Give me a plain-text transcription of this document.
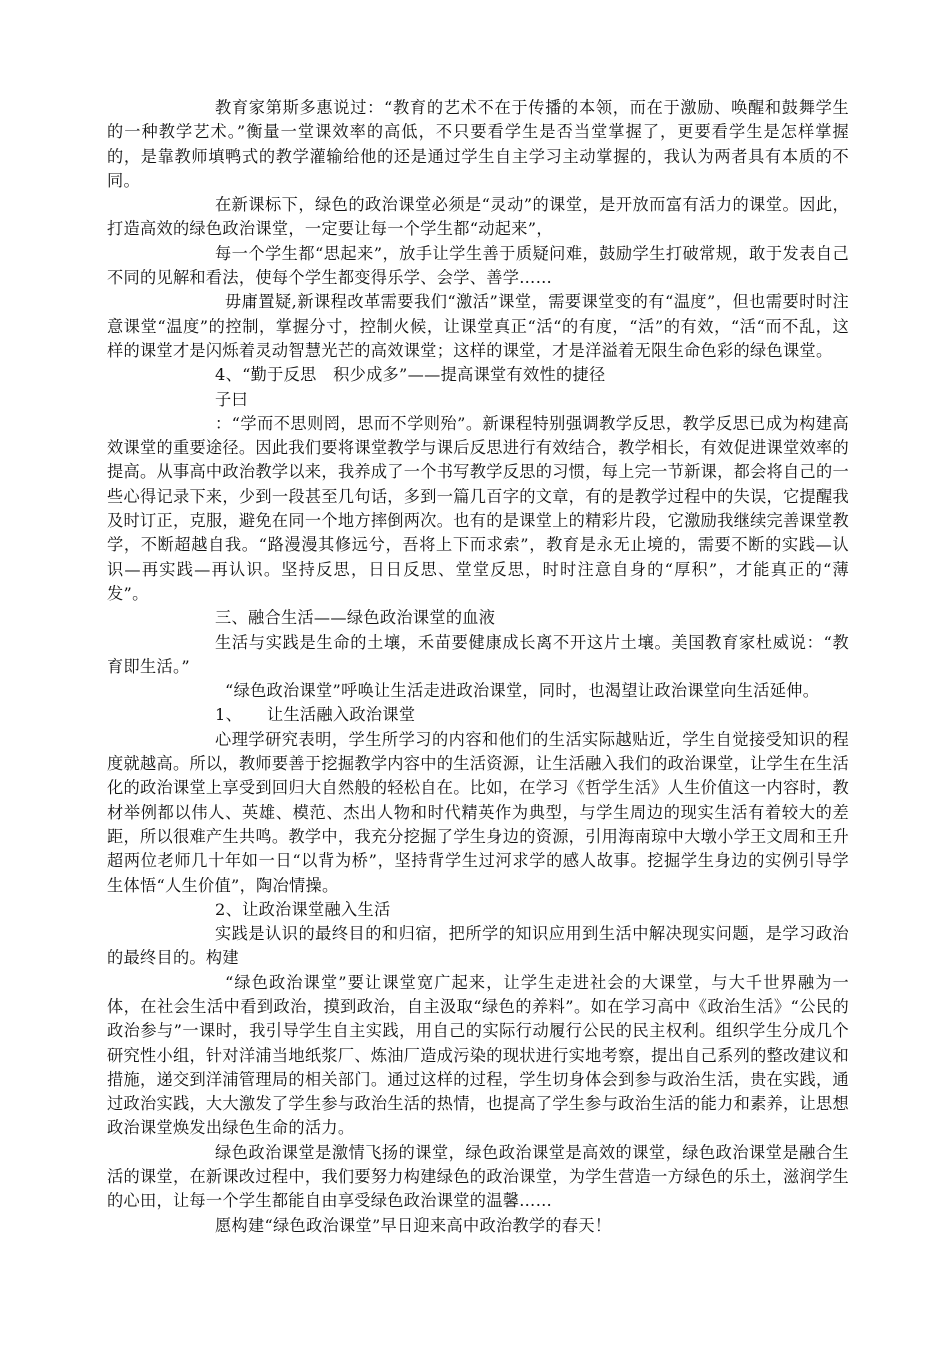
教育家第斯多惠说过：“教育的艺术不在于传播的本领，而在于激励、唤醒和鼓舞学生的一种教学艺术。”衡量一堂课效率的高低，不只要看学生是否当堂掌握了，更要看学生是怎样掌握的，是靠教师填鸭式的教学灌输给他的还是通过学生自主学习主动掌握的，我认为两者具有本质的不同。

在新课标下，绿色的政治课堂必须是“灵动”的课堂，是开放而富有活力的课堂。因此，打造高效的绿色政治课堂，一定要让每一个学生都“动起来”，

每一个学生都“思起来”，放手让学生善于质疑问难，鼓励学生打破常规，敢于发表自己不同的见解和看法，使每个学生都变得乐学、会学、善学……

毋庸置疑,新课程改革需要我们“激活”课堂，需要课堂变的有“温度”，但也需要时时注意课堂“温度”的控制，掌握分寸，控制火候，让课堂真正“活“的有度，“活”的有效，“活“而不乱，这样的课堂才是闪烁着灵动智慧光芒的高效课堂；这样的课堂，才是洋溢着无限生命色彩的绿色课堂。

4、“勤于反思　积少成多”——提高课堂有效性的捷径

子曰

：“学而不思则罔，思而不学则殆”。新课程特别强调教学反思，教学反思已成为构建高效课堂的重要途径。因此我们要将课堂教学与课后反思进行有效结合，教学相长，有效促进课堂效率的提高。从事高中政治教学以来，我养成了一个书写教学反思的习惯，每上完一节新课，都会将自己的一些心得记录下来，少到一段甚至几句话，多到一篇几百字的文章，有的是教学过程中的失误，它提醒我及时订正，克服，避免在同一个地方摔倒两次。也有的是课堂上的精彩片段，它激励我继续完善课堂教学，不断超越自我。“路漫漫其修远兮，吾将上下而求索”，教育是永无止境的，需要不断的实践—认识—再实践—再认识。坚持反思，日日反思、堂堂反思，时时注意自身的“厚积”，才能真正的“薄发”。

三、融合生活——绿色政治课堂的血液

生活与实践是生命的土壤，禾苗要健康成长离不开这片土壤。美国教育家杜威说：“教育即生活。”

“绿色政治课堂”呼唤让生活走进政治课堂，同时，也渴望让政治课堂向生活延伸。

1、　　让生活融入政治课堂

心理学研究表明，学生所学习的内容和他们的生活实际越贴近，学生自觉接受知识的程度就越高。所以，教师要善于挖掘教学内容中的生活资源，让生活融入我们的政治课堂，让学生在生活化的政治课堂上享受到回归大自然般的轻松自在。比如，在学习《哲学生活》人生价值这一内容时，教材举例都以伟人、英雄、模范、杰出人物和时代精英作为典型，与学生周边的现实生活有着较大的差距，所以很难产生共鸣。教学中，我充分挖掘了学生身边的资源，引用海南琼中大墩小学王文周和王升超两位老师几十年如一日“以背为桥”，坚持背学生过河求学的感人故事。挖掘学生身边的实例引导学生体悟“人生价值”，陶冶情操。

2、让政治课堂融入生活

实践是认识的最终目的和归宿，把所学的知识应用到生活中解决现实问题，是学习政治的最终目的。构建

“绿色政治课堂”要让课堂宽广起来，让学生走进社会的大课堂，与大千世界融为一体，在社会生活中看到政治，摸到政治，自主汲取“绿色的养料”。如在学习高中《政治生活》“公民的政治参与”一课时，我引导学生自主实践，用自己的实际行动履行公民的民主权利。组织学生分成几个研究性小组，针对洋浦当地纸浆厂、炼油厂造成污染的现状进行实地考察，提出自己系列的整改建议和措施，递交到洋浦管理局的相关部门。通过这样的过程，学生切身体会到参与政治生活，贵在实践，通过政治实践，大大激发了学生参与政治生活的热情，也提高了学生参与政治生活的能力和素养，让思想政治课堂焕发出绿色生命的活力。

绿色政治课堂是激情飞扬的课堂，绿色政治课堂是高效的课堂，绿色政治课堂是融合生活的课堂，在新课改过程中，我们要努力构建绿色的政治课堂，为学生营造一方绿色的乐土，滋润学生的心田，让每一个学生都能自由享受绿色政治课堂的温馨……

愿构建“绿色政治课堂”早日迎来高中政治教学的春天！
